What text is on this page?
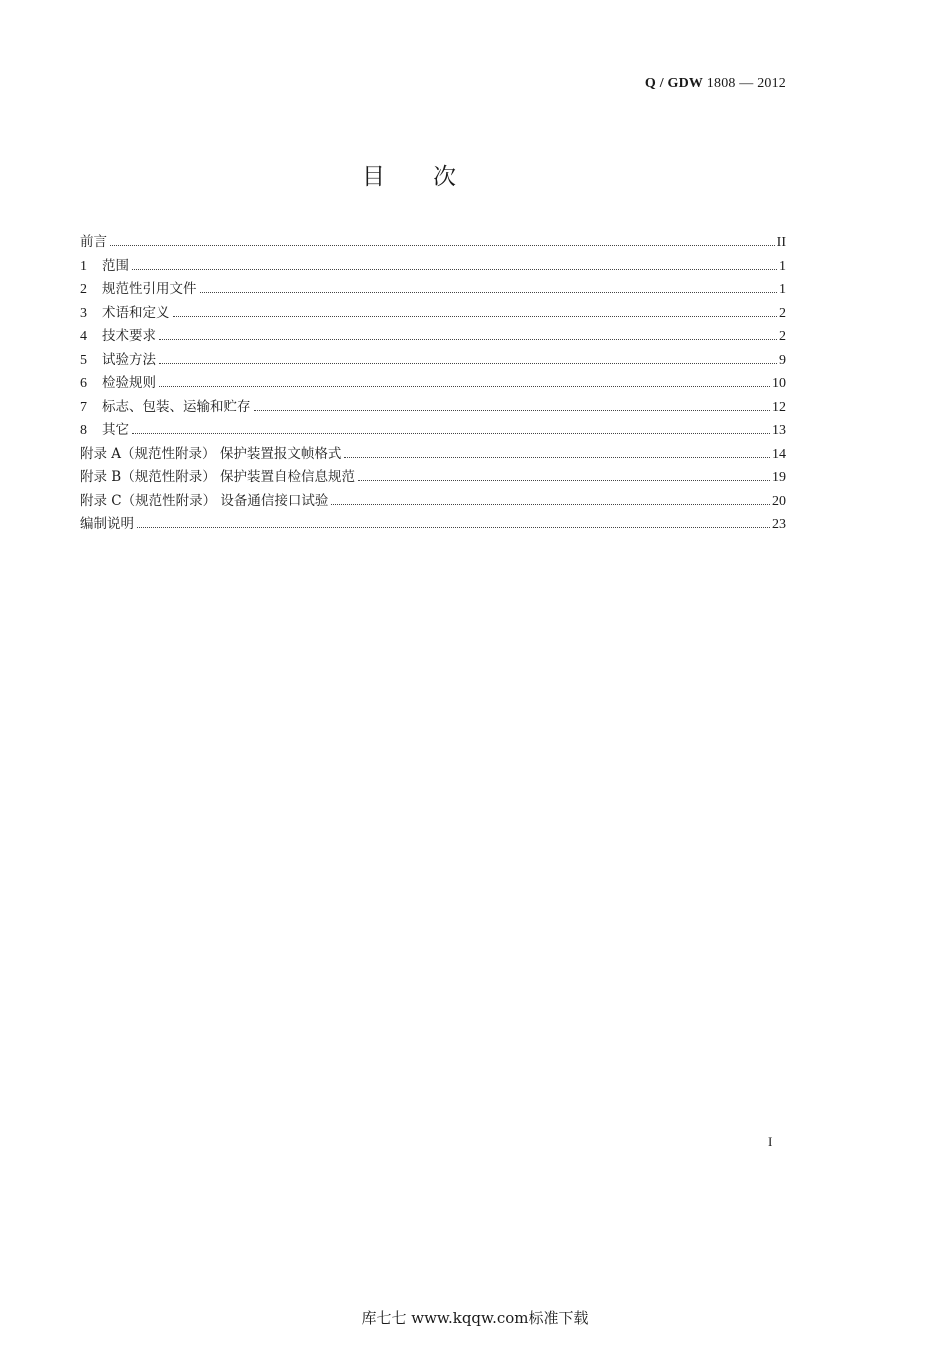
Q / GDW 1808 — 2012
目次
前言	II
1	范围	1
2	规范性引用文件	1
3	术语和定义	2
4	技术要求	2
5	试验方法	9
6	检验规则	10
7	标志、包装、运输和贮存	12
8	其它	13
附录 A（规范性附录） 保护装置报文帧格式	14
附录 B（规范性附录） 保护装置自检信息规范	19
附录 C（规范性附录） 设备通信接口试验	20
编制说明	23
I
库七七 www.kqqw.com标准下载
